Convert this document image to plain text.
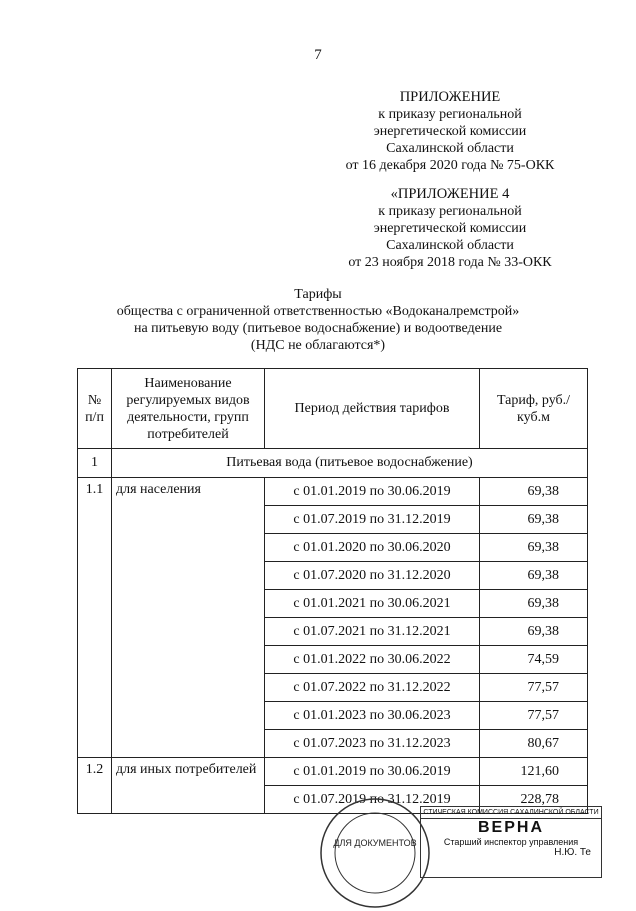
7
ПРИЛОЖЕНИЕ
к приказу региональной
энергетической комиссии
Сахалинской области
от 16 декабря 2020 года № 75-ОКК
«ПРИЛОЖЕНИЕ 4
к приказу региональной
энергетической комиссии
Сахалинской области
от 23 ноября 2018 года № 33-ОКК
Тарифы
общества с ограниченной ответственностью «Водоканалремстрой»
на питьевую воду (питьевое водоснабжение) и водоотведение
(НДС не облагаются*)
№ п/п	Наименование регулируемых видов деятельности, групп потребителей	Период действия тарифов	Тариф, руб./куб.м
1	Питьевая вода (питьевое водоснабжение)		
1.1	для населения	с 01.01.2019 по 30.06.2019	69,38
		с 01.07.2019 по 31.12.2019	69,38
		с 01.01.2020 по 30.06.2020	69,38
		с 01.07.2020 по 31.12.2020	69,38
		с 01.01.2021 по 30.06.2021	69,38
		с 01.07.2021 по 31.12.2021	69,38
		с 01.01.2022 по 30.06.2022	74,59
		с 01.07.2022 по 31.12.2022	77,57
		с 01.01.2023 по 30.06.2023	77,57
		с 01.07.2023 по 31.12.2023	80,67
1.2	для иных потребителей	с 01.01.2019 по 30.06.2019	121,60
		с 01.07.2019 по 31.12.2019	228,78
ДЛЯ ДОКУМЕНТОВ
СТИЧЕСКАЯ КОМИССИЯ САХАЛИНСКОЙ ОБЛАСТИ
ВЕРНА
Старший инспектор управления
Н.Ю. Те
